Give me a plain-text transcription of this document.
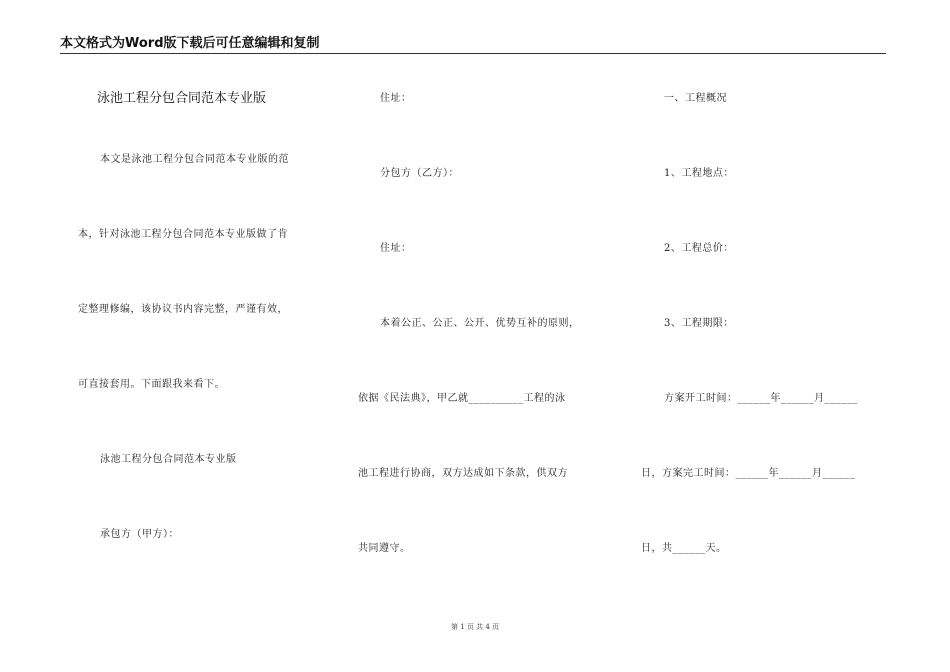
本文格式为Word版下载后可任意编辑和复制
泳池工程分包合同范本专业版
本文是泳池工程分包合同范本专业版的范
本，针对泳池工程分包合同范本专业版做了肯
定整理修编，该协议书内容完整，严谨有效，
可直接套用。下面跟我来看下。
泳池工程分包合同范本专业版
承包方（甲方）：
住址：
分包方（乙方）：
住址：
本着公正、公正、公开、优势互补的原则，
依据《民法典》，甲乙就__________工程的泳
池工程进行协商，双方达成如下条款，供双方
共同遵守。
一、工程概况
1、工程地点：
2、工程总价：
3、工程期限：
方案开工时间：______年______月______
日，方案完工时间：______年______月______
日，共______天。
第 1 页 共 4 页
